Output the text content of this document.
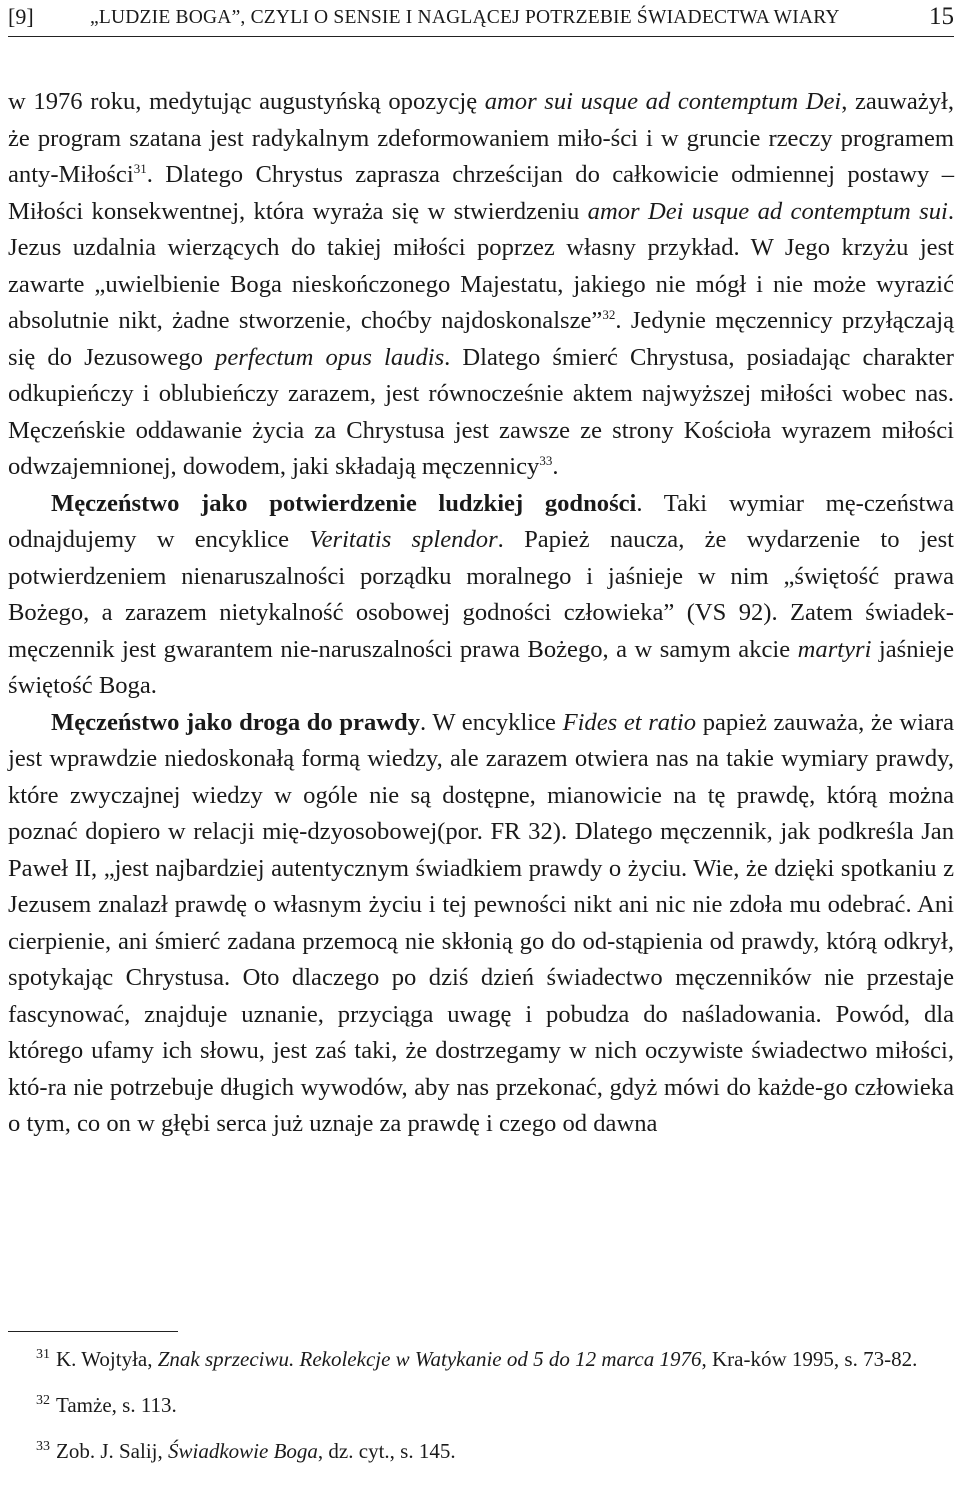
[9]	„LUDZIE BOGA”, CZYLI O SENSIE I NAGLĄCEJ POTRZEBIE ŚWIADECTWA WIARY	15

w 1976 roku, medytując augustyńską opozycję amor sui usque ad contemptum Dei, zauważył, że program szatana jest radykalnym zdeformowaniem miło-ści i w gruncie rzeczy programem anty-Miłości$^{31}$. Dlatego Chrystus zaprasza chrześcijan do całkowicie odmiennej postawy – Miłości konsekwentnej, która wyraża się w stwierdzeniu amor Dei usque ad contemptum sui. Jezus uzdalnia wierzących do takiej miłości poprzez własny przykład. W Jego krzyżu jest zawarte „uwielbienie Boga nieskończonego Majestatu, jakiego nie mógł i nie może wyrazić absolutnie nikt, żadne stworzenie, choćby najdoskonalsze”$^{32}$. Jedynie męczennicy przyłączają się do Jezusowego perfectum opus laudis. Dlatego śmierć Chrystusa, posiadając charakter odkupieńczy i oblubieńczy zarazem, jest równocześnie aktem najwyższej miłości wobec nas. Męczeńskie oddawanie życia za Chrystusa jest zawsze ze strony Kościoła wyrazem miłości odwzajemnionej, dowodem, jaki składają męczennicy$^{33}$.

Męczeństwo jako potwierdzenie ludzkiej godności. Taki wymiar mę-czeństwa odnajdujemy w encyklice Veritatis splendor. Papież naucza, że wydarzenie to jest potwierdzeniem nienaruszalności porządku moralnego i jaśnieje w nim „świętość prawa Bożego, a zarazem nietykalność osobowej godności człowieka” (VS 92). Zatem świadek-męczennik jest gwarantem nie-naruszalności prawa Bożego, a w samym akcie martyri jaśnieje świętość Boga.

Męczeństwo jako droga do prawdy. W encyklice Fides et ratio papież zauważa, że wiara jest wprawdzie niedoskonałą formą wiedzy, ale zarazem otwiera nas na takie wymiary prawdy, które zwyczajnej wiedzy w ogóle nie są dostępne, mianowicie na tę prawdę, którą można poznać dopiero w relacji mię-dzyosobowej(por. FR 32). Dlatego męczennik, jak podkreśla Jan Paweł II, „jest najbardziej autentycznym świadkiem prawdy o życiu. Wie, że dzięki spotkaniu z Jezusem znalazł prawdę o własnym życiu i tej pewności nikt ani nic nie zdoła mu odebrać. Ani cierpienie, ani śmierć zadana przemocą nie skłonią go do od-stąpienia od prawdy, którą odkrył, spotykając Chrystusa. Oto dlaczego po dziś dzień świadectwo męczenników nie przestaje fascynować, znajduje uznanie, przyciąga uwagę i pobudza do naśladowania. Powód, dla którego ufamy ich słowu, jest zaś taki, że dostrzegamy w nich oczywiste świadectwo miłości, któ-ra nie potrzebuje długich wywodów, aby nas przekonać, gdyż mówi do każde-go człowieka o tym, co on w głębi serca już uznaje za prawdę i czego od dawna

$^{31}$ K. Wojtyła, Znak sprzeciwu. Rekolekcje w Watykanie od 5 do 12 marca 1976, Kra-ków 1995, s. 73-82.

$^{32}$ Tamże, s. 113.

$^{33}$ Zob. J. Salij, Świadkowie Boga, dz. cyt., s. 145.
